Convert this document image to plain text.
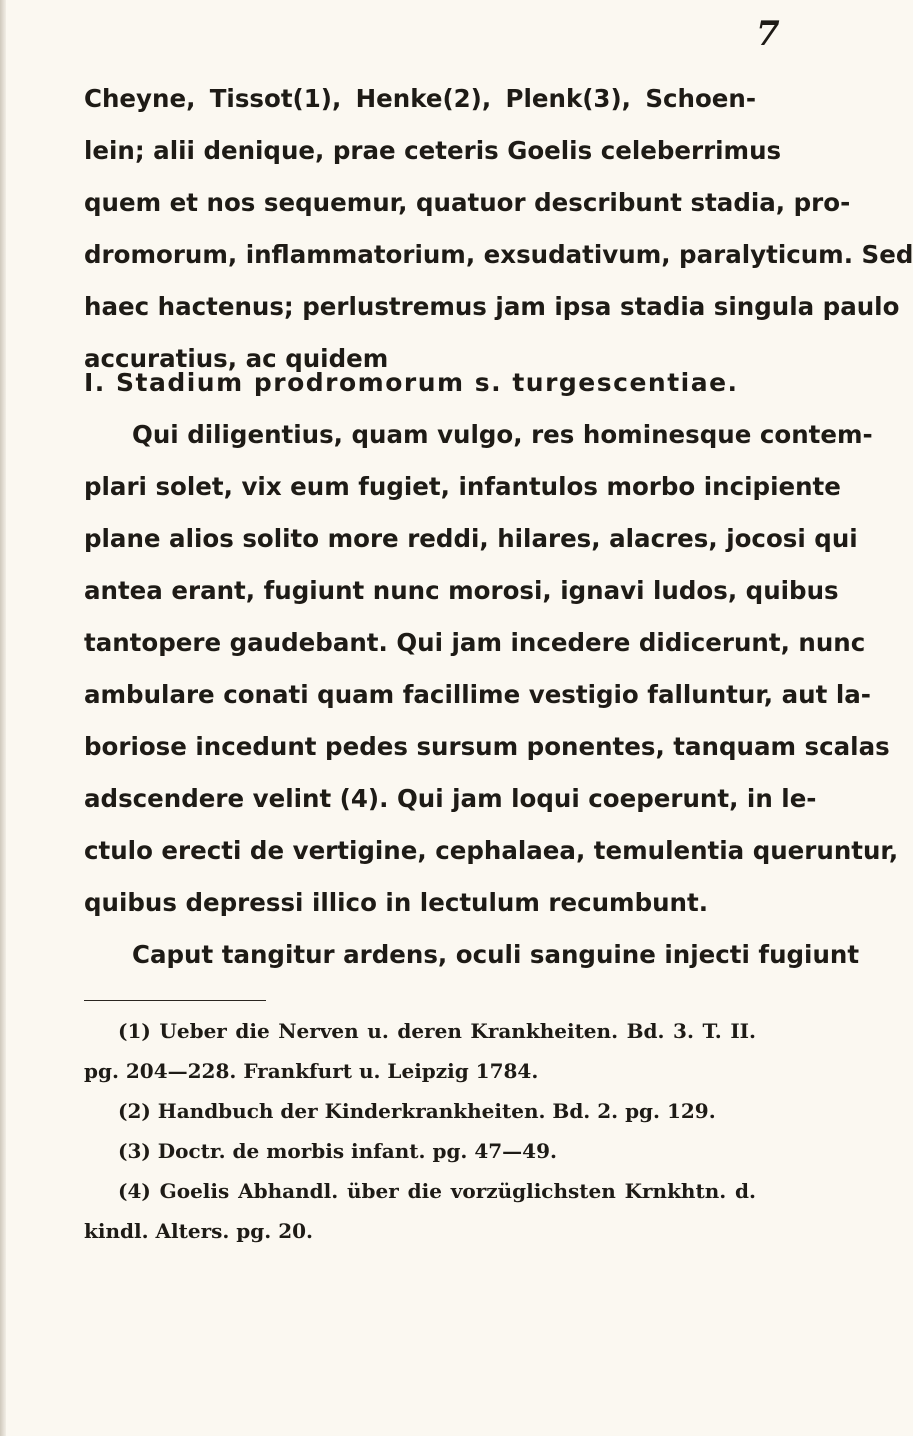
7
Cheyne, Tissot(1), Henke(2), Plenk(3), Schoen-
lein; alii denique, prae ceteris Goelis celeberrimus
quem et nos sequemur, quatuor describunt stadia, pro-
dromorum, inflammatorium, exsudativum, paralyticum. Sed
haec hactenus; perlustremus jam ipsa stadia singula paulo
accuratius, ac quidem
I. Stadium prodromorum s. turgescentiae.
Qui diligentius, quam vulgo, res hominesque contem-
plari solet, vix eum fugiet, infantulos morbo incipiente
plane alios solito more reddi, hilares, alacres, jocosi qui
antea erant, fugiunt nunc morosi, ignavi ludos, quibus
tantopere gaudebant. Qui jam incedere didicerunt, nunc
ambulare conati quam facillime vestigio falluntur, aut la-
boriose incedunt pedes sursum ponentes, tanquam scalas
adscendere velint (4). Qui jam loqui coeperunt, in le-
ctulo erecti de vertigine, cephalaea, temulentia queruntur,
quibus depressi illico in lectulum recumbunt.
Caput tangitur ardens, oculi sanguine injecti fugiunt
(1) Ueber die Nerven u. deren Krankheiten. Bd. 3. T. II.
pg. 204—228. Frankfurt u. Leipzig 1784.
(2) Handbuch der Kinderkrankheiten. Bd. 2. pg. 129.
(3) Doctr. de morbis infant. pg. 47—49.
(4) Goelis Abhandl. über die vorzüglichsten Krnkhtn. d.
kindl. Alters. pg. 20.
